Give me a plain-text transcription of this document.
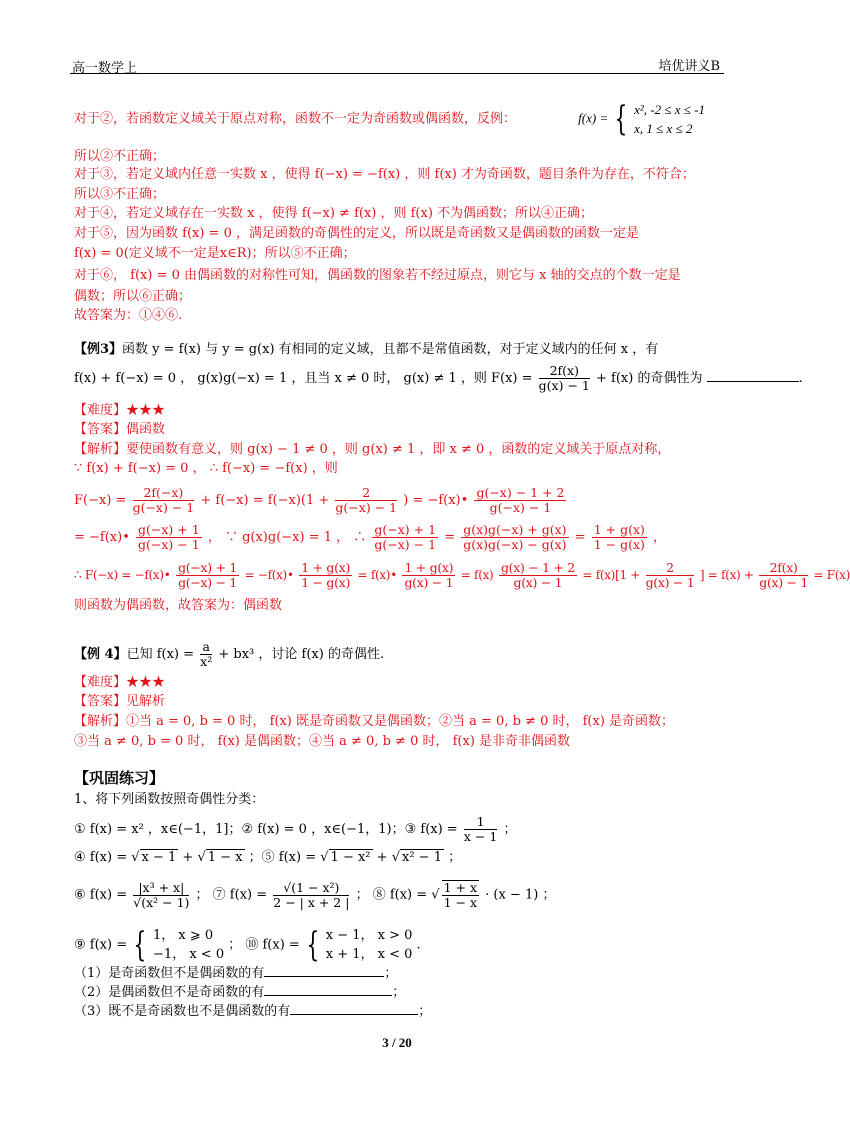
高一数学上	培优讲义B
对于②，若函数定义域关于原点对称，函数不一定为奇函数或偶函数，反例：	f(x) = { x², -2 ≤ x ≤ -1
x, 1 ≤ x ≤ 2
所以②不正确；
对于③，若定义域内任意一实数 x ，使得 f(−x) = −f(x) ，则 f(x) 才为奇函数，题目条件为存在，不符合；
所以③不正确；
对于④，若定义域存在一实数 x ，使得 f(−x) ≠ f(x) ，则 f(x) 不为偶函数；所以④正确；
对于⑤，因为函数 f(x) = 0 ，满足函数的奇偶性的定义，所以既是奇函数又是偶函数的函数一定是
f(x) = 0(定义域不一定是x∈R)；所以⑤不正确；
对于⑥， f(x) = 0 由偶函数的对称性可知，偶函数的图象若不经过原点，则它与 x 轴的交点的个数一定是
偶数；所以⑥正确；
故答案为：①④⑥.
【例3】函数 y = f(x) 与 y = g(x) 有相同的定义域，且都不是常值函数，对于定义域内的任何 x ，有
f(x) + f(−x) = 0 ， g(x)g(−x) = 1 ，且当 x ≠ 0 时， g(x) ≠ 1 ，则 $F(x) = \frac{2f(x)}{g(x) - 1} + f(x)$ 的奇偶性为	.
【难度】★★★
【答案】偶函数
【解析】要使函数有意义，则 g(x) − 1 ≠ 0 ，则 g(x) ≠ 1 ，即 x ≠ 0 ，函数的定义域关于原点对称，
∵ f(x) + f(−x) = 0 ， ∴ f(−x) = −f(x) ，则
$F(-x) = \frac{2f(-x)}{g(-x) - 1} + f(-x) = f(-x)(1 + \frac{2}{g(-x) - 1}$ ) = −f(x)• $\frac{g(-x) - 1 + 2}{g(-x) - 1}$
= −f(x)• $\frac{g(-x) + 1}{g(-x) - 1}$ ， ∵ g(x)g(−x) = 1 ， ∴ $\frac{g(-x) + 1}{g(-x) - 1} = \frac{g(x)g(-x) + g(x)}{g(x)g(-x) - g(x)} = \frac{1 + g(x)}{1 - g(x)}$ ，
∴ F(−x) = −f(x)• $\frac{g(-x) + 1}{g(-x) - 1}$ = −f(x)• $\frac{1 + g(x)}{1 - g(x)}$ = f(x)• $\frac{1 + g(x)}{g(x) - 1} = f(x) \frac{g(x) - 1 + 2}{g(x) - 1} = f(x)[1 + \frac{2}{g(x) - 1}$ ] = $f(x) + \frac{2f(x)}{g(x) - 1} = F(x)$
则函数为偶函数，故答案为：偶函数
【例 4】已知 $f(x) = \frac{a}{\text{x²}} + bx^3$ ，讨论 f(x) 的奇偶性.
【难度】★★★
【答案】见解析
【解析】①当 a = 0, b = 0 时， f(x) 既是奇函数又是偶函数；②当 a = 0, b ≠ 0 时， f(x) 是奇函数；
③当 a ≠ 0, b = 0 时， f(x) 是偶函数；④当 a ≠ 0, b ≠ 0 时， f(x) 是非奇非偶函数
【巩固练习】
1、将下列函数按照奇偶性分类：
① f(x) = x² ，x∈(−1，1]；② f(x) = 0 ，x∈(−1，1)；③ $f(x) = \frac{1}{x - 1}$ ；
④ f(x) = √ x − 1 + √ 1 − x ；⑤ f(x) = √ 1 − x² + √ x² − 1 ；
⑥ $f(x) = \frac{\text{|x³ + x|}}{\text{√(x² − 1)}}$ ； ⑦ $f(x) = \frac{\text{√(1 − x²)}}{2 - | x + 2 |}$ ； ⑧ f(x) = √ $\frac{1 + x}{1 - x} \cdot (x - 1)$ ；
⑨ f(x) = { 1， x ⩾ 0
−1， x < 0
； ⑩ f(x) = { x − 1， x > 0
x + 1， x < 0
.
（1）是奇函数但不是偶函数的有	；
（2）是偶函数但不是奇函数的有	；
（3）既不是奇函数也不是偶函数的有	；
3 / 20
